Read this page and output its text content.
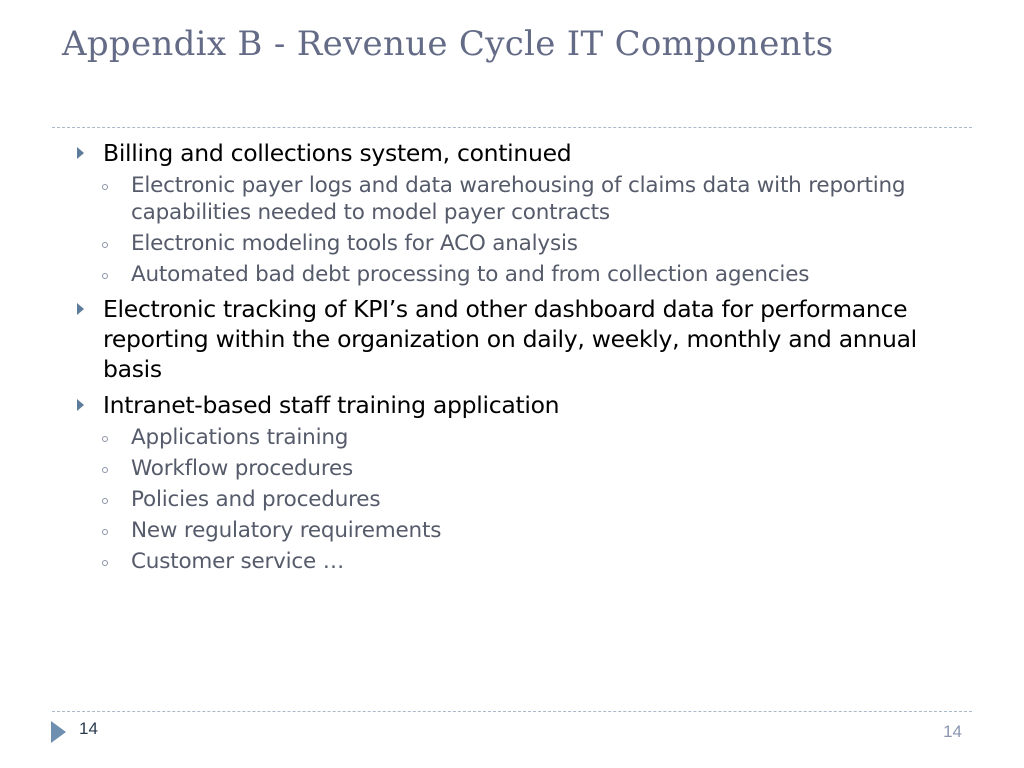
Appendix B - Revenue Cycle IT Components
Billing and collections system, continued
Electronic payer logs and data warehousing of claims data with reporting capabilities needed to model payer contracts
Electronic modeling tools for ACO analysis
Automated bad debt processing to and from collection agencies
Electronic tracking of KPI’s and other dashboard data for performance reporting within the organization on daily, weekly, monthly and annual basis
Intranet-based staff training application
Applications training
Workflow procedures
Policies and procedures
New regulatory requirements
Customer service …
14	14
